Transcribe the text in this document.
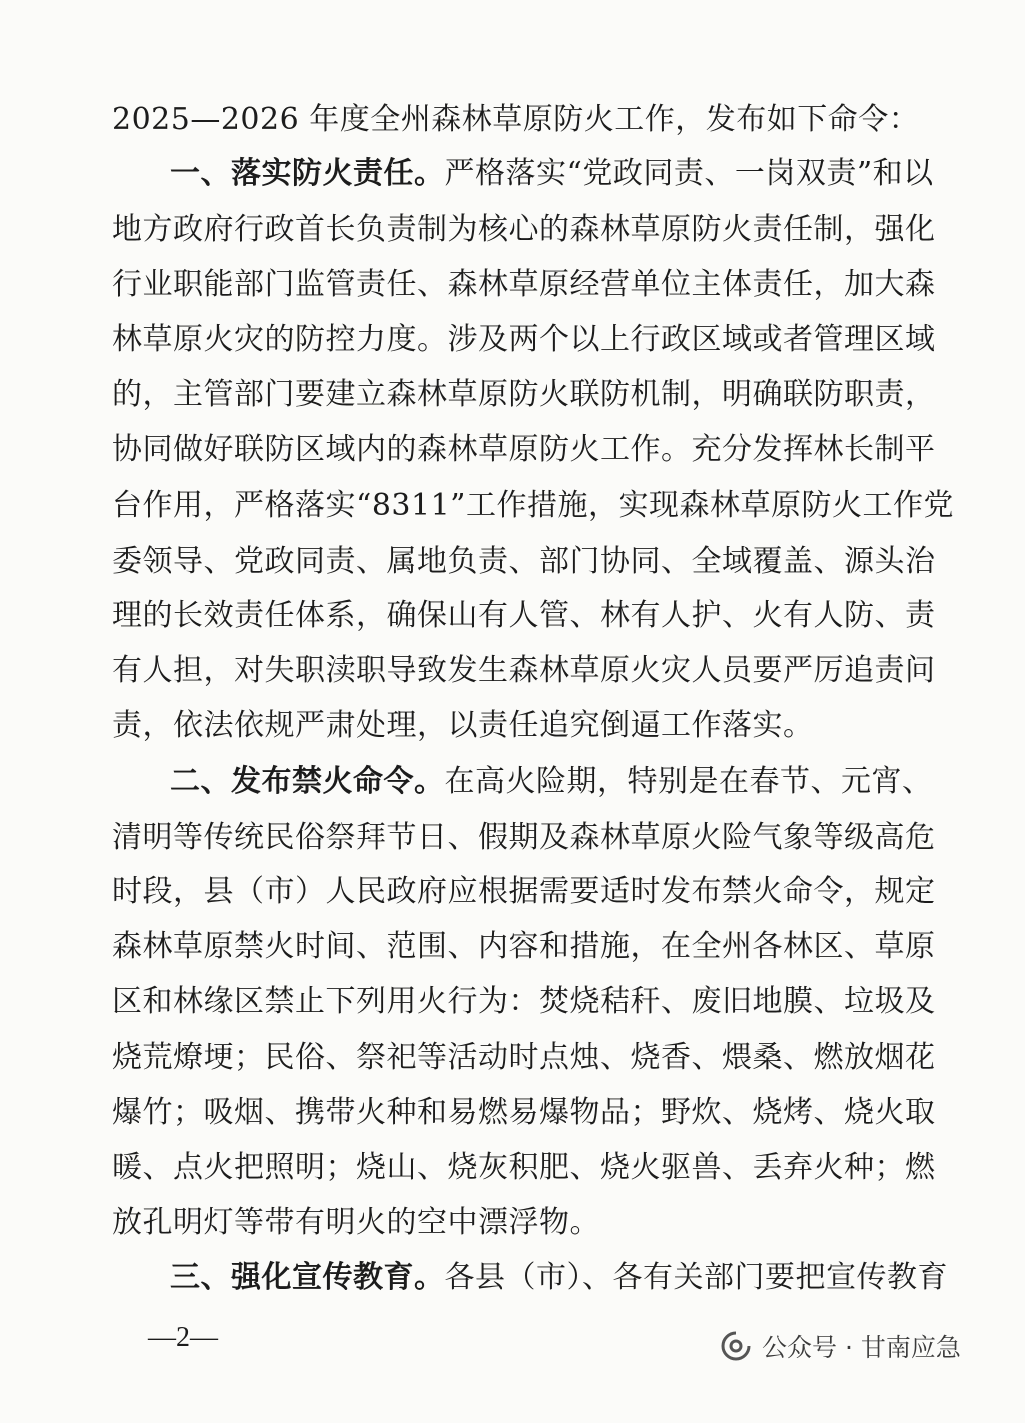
2025—2026 年度全州森林草原防火工作，发布如下命令：
一、落实防火责任。严格落实“党政同责、一岗双责”和以
地方政府行政首长负责制为核心的森林草原防火责任制，强化
行业职能部门监管责任、森林草原经营单位主体责任，加大森
林草原火灾的防控力度。涉及两个以上行政区域或者管理区域
的，主管部门要建立森林草原防火联防机制，明确联防职责，
协同做好联防区域内的森林草原防火工作。充分发挥林长制平
台作用，严格落实“8311”工作措施，实现森林草原防火工作党
委领导、党政同责、属地负责、部门协同、全域覆盖、源头治
理的长效责任体系，确保山有人管、林有人护、火有人防、责
有人担，对失职渎职导致发生森林草原火灾人员要严厉追责问
责，依法依规严肃处理，以责任追究倒逼工作落实。
二、发布禁火命令。在高火险期，特别是在春节、元宵、
清明等传统民俗祭拜节日、假期及森林草原火险气象等级高危
时段，县（市）人民政府应根据需要适时发布禁火命令，规定
森林草原禁火时间、范围、内容和措施，在全州各林区、草原
区和林缘区禁止下列用火行为：焚烧秸秆、废旧地膜、垃圾及
烧荒燎埂；民俗、祭祀等活动时点烛、烧香、煨桑、燃放烟花
爆竹；吸烟、携带火种和易燃易爆物品；野炊、烧烤、烧火取
暖、点火把照明；烧山、烧灰积肥、烧火驱兽、丢弃火种；燃
放孔明灯等带有明火的空中漂浮物。
三、强化宣传教育。各县（市）、各有关部门要把宣传教育
—2—	公众号 · 甘南应急
